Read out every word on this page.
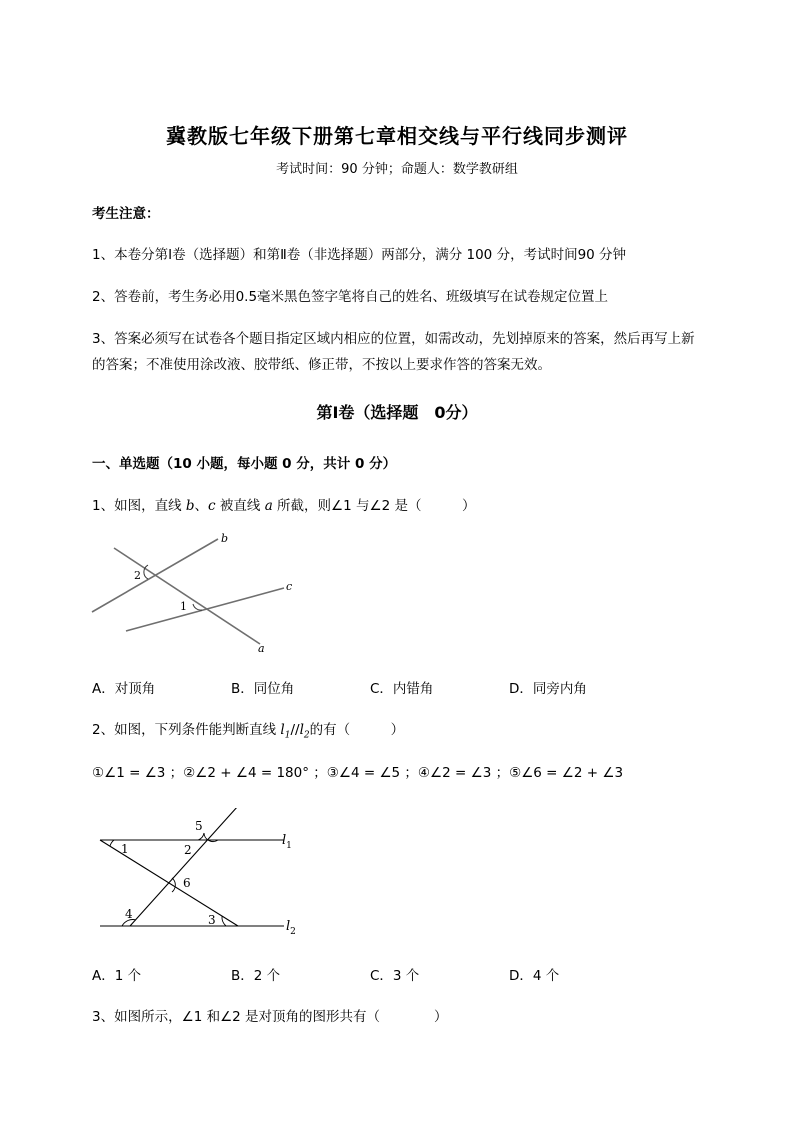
冀教版七年级下册第七章相交线与平行线同步测评
考试时间：90 分钟；命题人：数学教研组
考生注意：
1、本卷分第Ⅰ卷（选择题）和第Ⅱ卷（非选择题）两部分，满分 100 分，考试时间90 分钟
2、答卷前，考生务必用0.5毫米黑色签字笔将自己的姓名、班级填写在试卷规定位置上
3、答案必须写在试卷各个题目指定区域内相应的位置，如需改动，先划掉原来的答案，然后再写上新
的答案；不准使用涂改液、胶带纸、修正带，不按以上要求作答的答案无效。
第Ⅰ卷（选择题　0分）
一、单选题（10 小题，每小题 0 分，共计 0 分）
1、如图，直线 b、c 被直线 a 所截，则∠1 与∠2 是（　　　）
b
c
a
2
1
A．对顶角	B．同位角	C．内错角	D．同旁内角
2、如图，下列条件能判断直线 $l_1//l_2$的有（　　　）
①∠1 = ∠3 ；②∠2 + ∠4 = 180° ；③∠4 = ∠5 ；④∠2 = ∠3 ；⑤∠6 = ∠2 + ∠3
1	2
5
6
4	3
$l_1$
$l_2$
A．1 个	B．2 个	C．3 个	D．4 个
3、如图所示，∠1 和∠2 是对顶角的图形共有（　　　　）
